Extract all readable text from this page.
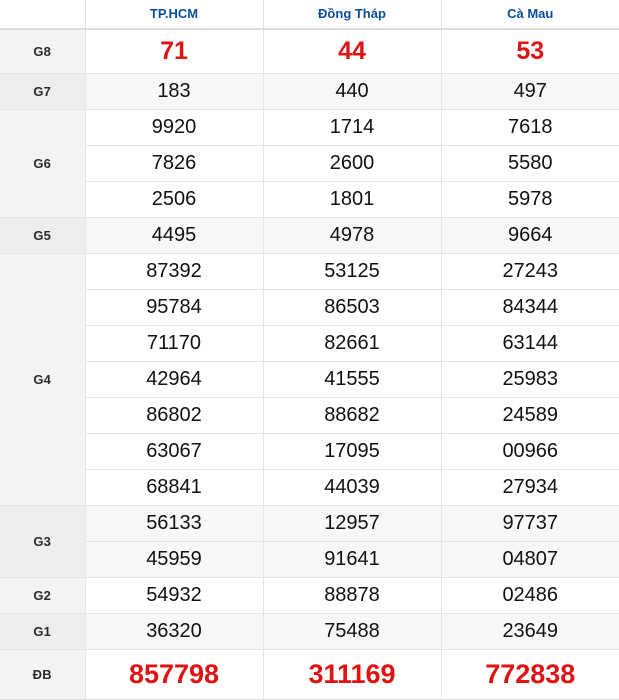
	TP.HCM	Đồng Tháp	Cà Mau
G8	71	44	53
G7	183	440	497
G6	9920	1714	7618
	7826	2600	5580
	2506	1801	5978
G5	4495	4978	9664
G4	87392	53125	27243
	95784	86503	84344
	71170	82661	63144
	42964	41555	25983
	86802	88682	24589
	63067	17095	00966
	68841	44039	27934
G3	56133	12957	97737
	45959	91641	04807
G2	54932	88878	02486
G1	36320	75488	23649
ĐB	857798	311169	772838
